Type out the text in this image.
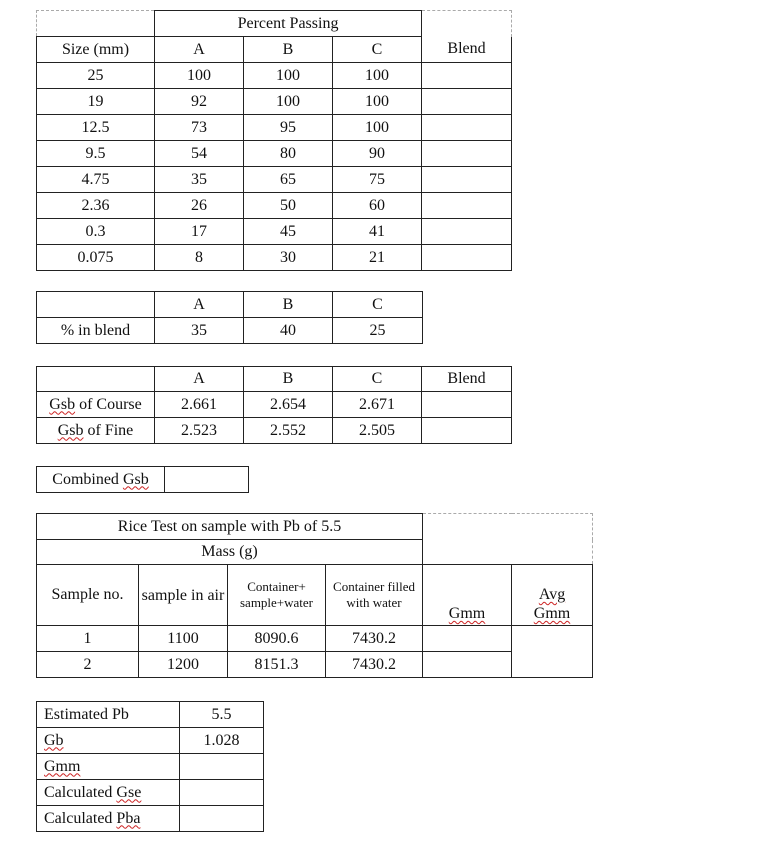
	Percent Passing			
Size (mm)	A	B	C	Blend
25	100	100	100	
19	92	100	100	
12.5	73	95	100	
9.5	54	80	90	
4.75	35	65	75	
2.36	26	50	60	
0.3	17	45	41	
0.075	8	30	21	
	A	B	C
% in blend	35	40	25
	A	B	C	Blend
Gsb of Course	2.661	2.654	2.671	
Gsb of Fine	2.523	2.552	2.505	
Combined Gsb	
Rice Test on sample with Pb of 5.5					
Mass (g)					
Sample no.	sample in air	Container+ sample+water	Container filled with water	Gmm	Avg Gmm
1	1100	8090.6	7430.2		
2	1200	8151.3	7430.2		
Estimated Pb	5.5
Gb	1.028
Gmm	
Calculated Gse	
Calculated Pba	
